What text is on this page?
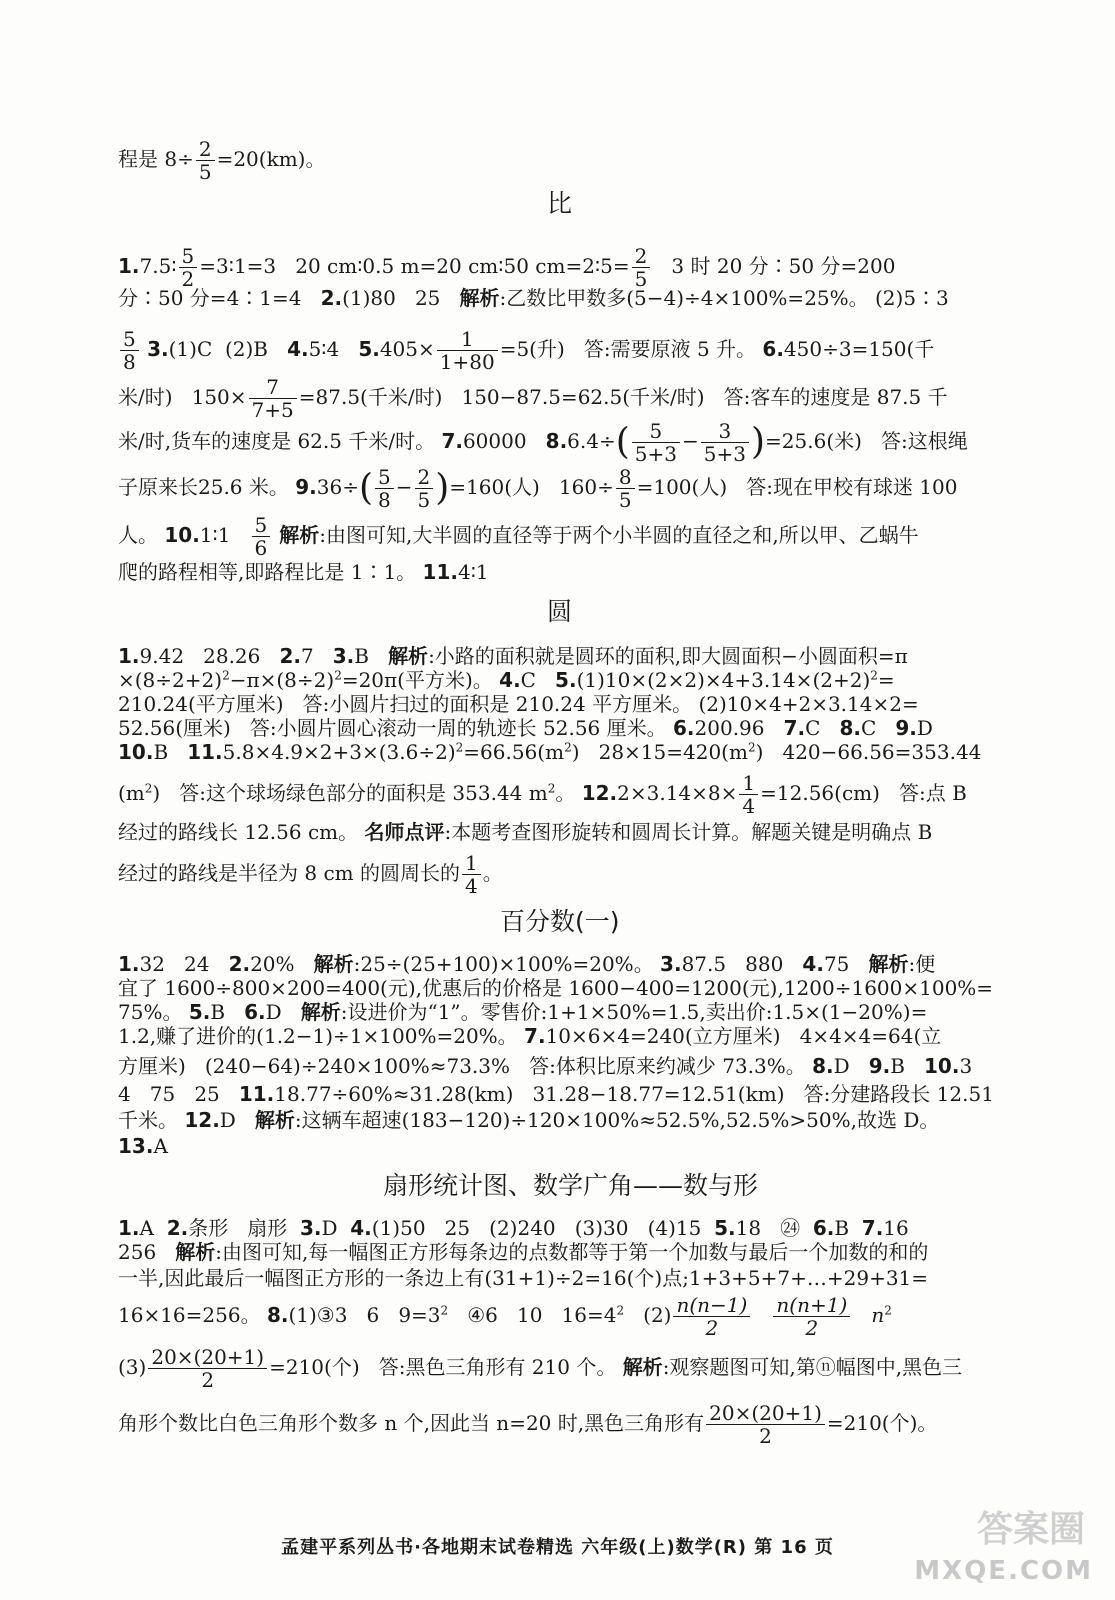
程是 $8\div \frac{2}{5} =20(km)$。
比
1.7.5∶ $\frac{5}{2}$ =3∶1=3   20 cm∶0.5 m=20 cm∶50 cm=2∶5= $\frac{2}{5} 3$ 时 20 分∶50 分=200
分∶50 分=4∶1=4   2.(1)80   25   解析:乙数比甲数多(5−4)÷4×100%=25%。 (2)5∶3
$\frac{5}{8} 3.(1)C$  (2)B   4.5∶4   $5.405\times \frac{1}{1+80} =5$(升)   答:需要原液 5 升。 6.450÷3=150(千
米/时)   $150\times \frac{7}{7+5} =87.5$(千米/时)   150−87.5=62.5(千米/时)   答:客车的速度是 87.5 千
米/时,货车的速度是 62.5 千米/时。 7.60000   $8.6.4\div( \frac{5}{5+3} - \frac{3}{5+3} )=25.6$(米)   答:这根绳
子原来长25.6 米。 $9.36\div( \frac{5}{8} - \frac{2}{5} )=160$(人)   $160\div \frac{8}{5} =100$(人)   答:现在甲校有球迷 100
人。 10.1∶1 $\frac{5}{6}$ 解析:由图可知,大半圆的直径等于两个小半圆的直径之和,所以甲、乙蜗牛
爬的路程相等,即路程比是 1∶1。 11.4∶1
圆
1.9.42   28.26   2.7   3.B   解析:小路的面积就是圆环的面积,即大圆面积−小圆面积=π
$\times(8\div 2+2)^2-\pi\times(8\div 2)^2=20\pi$(平方米)。 4.C   $5.(1)10\times(2\times 2)\times 4+3.14\times(2+2)^2=$
210.24(平方厘米)   答:小圆片扫过的面积是 210.24 平方厘米。 (2)10×4+2×3.14×2=
52.56(厘米)   答:小圆片圆心滚动一周的轨迹长 52.56 厘米。 6.200.96   7.C   8.C   9.D
10.B   $11.5.8\times 4.9\times 2+3\times(3.6\div 2)^2=66.56(m^2)$   $28\times 15=420(m^2)$   420−66.56=353.44
$(m^2)$   答:这个球场绿色部分的面积是 353.44 $m^2$。 $12.2\times 3.14\times 8\times \frac{1}{4} =12.56(cm)$   答:点 B
经过的路线长 12.56 cm。 名师点评:本题考查图形旋转和圆周长计算。解题关键是明确点 B
经过的路线是半径为 8 cm 的圆周长的 $\frac{1}{4}$ 。
百分数(一)
1.32   24   2.20%   解析:25÷(25+100)×100%=20%。 3.87.5   880   4.75   解析:便
宜了 1600÷800×200=400(元),优惠后的价格是 1600−400=1200(元),1200÷1600×100%=
75%。 5.B   6.D   解析:设进价为“1”。零售价:1+1×50%=1.5,卖出价:1.5×(1−20%)=
1.2,赚了进价的(1.2−1)÷1×100%=20%。 7.10×6×4=240(立方厘米)   4×4×4=64(立
方厘米)   (240−64)÷240×100%≈73.3%   答:体积比原来约减少 73.3%。 8.D   9.B   10.3
4   75   25   11.18.77÷60%≈31.28(km)   31.28−18.77=12.51(km)   答:分建路段长 12.51
千米。 12.D   解析:这辆车超速(183−120)÷120×100%≈52.5%,52.5%>50%,故选 D。
13.A
扇形统计图、数学广角——数与形
1.A  2.条形   扇形  3.D  4.(1)50   25   (2)240   (3)30   (4)15  5.18   ㉔  6.B  7.16
256   解析:由图可知,每一幅图正方形每条边的点数都等于第一个加数与最后一个加数的和的
一半,因此最后一幅图正方形的一条边上有(31+1)÷2=16(个)点;1+3+5+7+…+29+31=
16×16=256。 8.(1)③3   6   $9=3^2$   ④6   10   $16=4^2$   $(2) \frac{n(n-1)}{2}$
$\frac{n(n+1)}{2} n^2$
$(3) \frac{20\times(20+1)}{2} =210$(个)   答:黑色三角形有 210 个。 解析:观察题图可知,第ⓝ幅图中,黑色三
角形个数比白色三角形个数多 n 个,因此当 n=20 时,黑色三角形有 $\frac{20\times(20+1)}{2} =210$(个)。
孟建平系列丛书·各地期末试卷精选 六年级(上)数学(R) 第 16 页	答案圈
MXQE.COM
